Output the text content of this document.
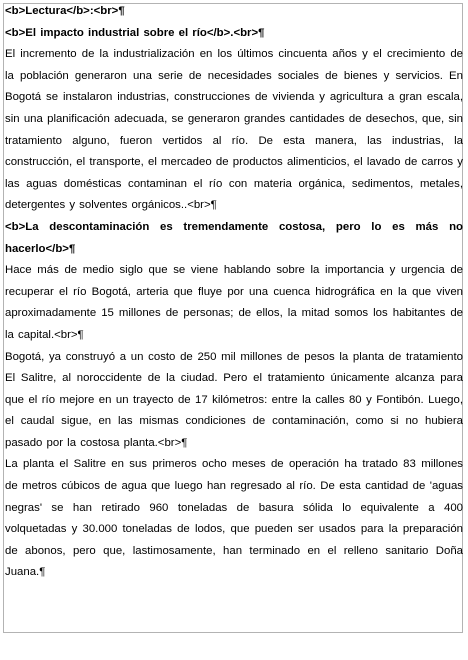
<b>Lectura</b>:<br>¶

<b>El impacto industrial sobre el río</b>.<br>¶

El incremento de la industrialización en los últimos cincuenta años y el crecimiento de la población generaron una serie de necesidades sociales de bienes y servicios. En Bogotá se instalaron industrias, construcciones de vivienda y agricultura a gran escala, sin una planificación adecuada, se generaron grandes cantidades de desechos, que, sin tratamiento alguno, fueron vertidos al río. De esta manera, las industrias, la construcción, el transporte, el mercadeo de productos alimenticios, el lavado de carros y las aguas domésticas contaminan el río con materia orgánica, sedimentos, metales, detergentes y solventes orgánicos..<br>¶

<b>La descontaminación es tremendamente costosa, pero lo es más no hacerlo</b>¶

Hace más de medio siglo que se viene hablando sobre la importancia y urgencia de recuperar el río Bogotá, arteria que fluye por una cuenca hidrográfica en la que viven aproximadamente 15 millones de personas; de ellos, la mitad somos los habitantes de la capital.<br>¶

Bogotá, ya construyó a un costo de 250 mil millones de pesos la planta de tratamiento El Salitre, al noroccidente de la ciudad. Pero el tratamiento únicamente alcanza para que el río mejore en un trayecto de 17 kilómetros: entre la calles 80 y Fontibón. Luego, el caudal sigue, en las mismas condiciones de contaminación, como si no hubiera pasado por la costosa planta.<br>¶

La planta el Salitre en sus primeros ocho meses de operación ha tratado 83 millones de metros cúbicos de agua que luego han regresado al río. De esta cantidad de 'aguas negras' se han retirado 960 toneladas de basura sólida lo equivalente a 400 volquetadas y 30.000 toneladas de lodos, que pueden ser usados para la preparación de abonos, pero que, lastimosamente, han terminado en el relleno sanitario Doña Juana.¶
